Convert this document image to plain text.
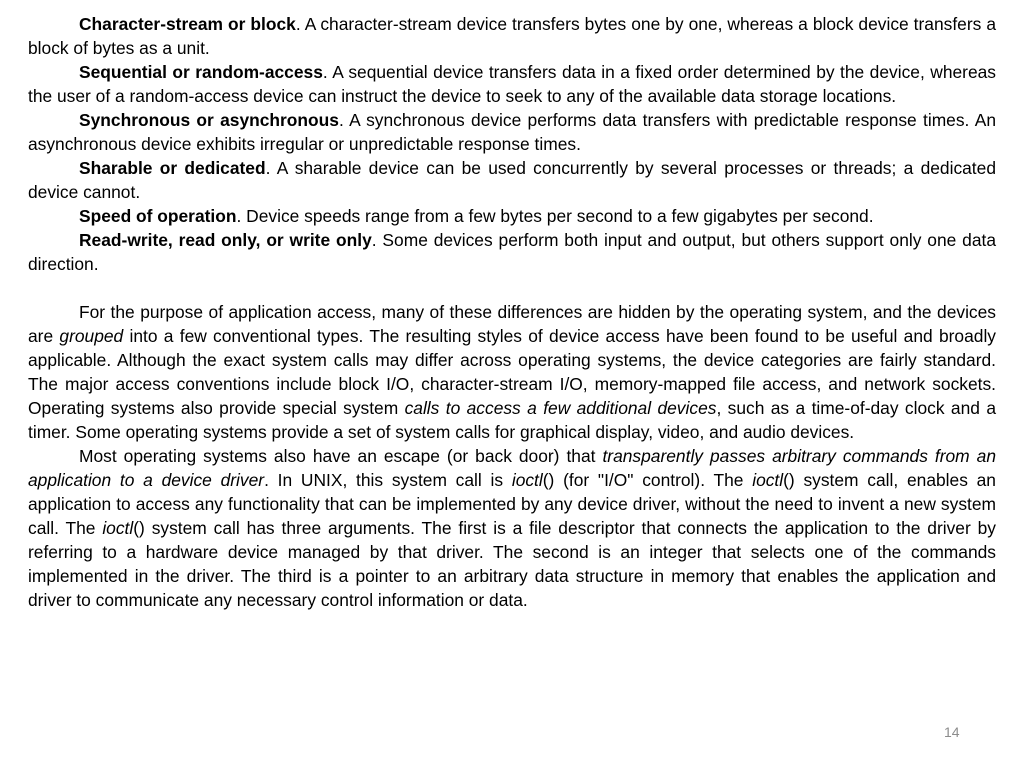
Character-stream or block. A character-stream device transfers bytes one by one, whereas a block device transfers a block of bytes as a unit.

Sequential or random-access. A sequential device transfers data in a fixed order determined by the device, whereas the user of a random-access device can instruct the device to seek to any of the available data storage locations.

Synchronous or asynchronous. A synchronous device performs data transfers with predictable response times. An asynchronous device exhibits irregular or unpredictable response times.

Sharable or dedicated. A sharable device can be used concurrently by several processes or threads; a dedicated device cannot.

Speed of operation. Device speeds range from a few bytes per second to a few gigabytes per second.

Read-write, read only, or write only. Some devices perform both input and output, but others support only one data direction.

For the purpose of application access, many of these differences are hidden by the operating system, and the devices are grouped into a few conventional types. The resulting styles of device access have been found to be useful and broadly applicable. Although the exact system calls may differ across operating systems, the device categories are fairly standard. The major access conventions include block I/O, character-stream I/O, memory-mapped file access, and network sockets. Operating systems also provide special system calls to access a few additional devices, such as a time-of-day clock and a timer. Some operating systems provide a set of system calls for graphical display, video, and audio devices.

Most operating systems also have an escape (or back door) that transparently passes arbitrary commands from an application to a device driver. In UNIX, this system call is ioctl() (for "I/O" control). The ioctl() system call, enables an application to access any functionality that can be implemented by any device driver, without the need to invent a new system call. The ioctl() system call has three arguments. The first is a file descriptor that connects the application to the driver by referring to a hardware device managed by that driver. The second is an integer that selects one of the commands implemented in the driver. The third is a pointer to an arbitrary data structure in memory that enables the application and driver to communicate any necessary control information or data.

14
